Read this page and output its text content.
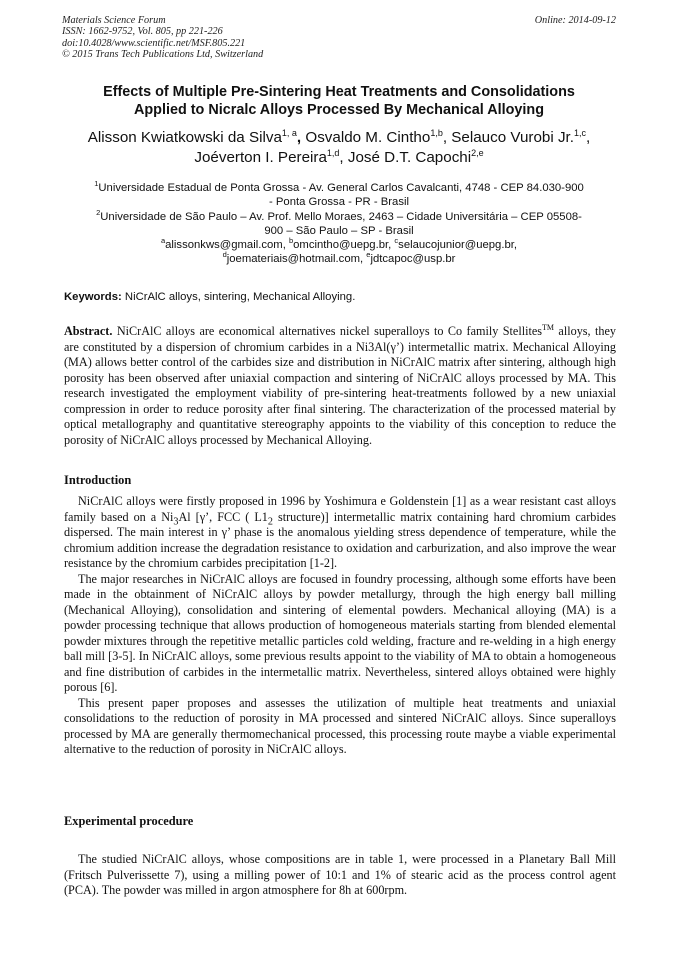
Materials Science Forum
ISSN: 1662-9752, Vol. 805, pp 221-226
doi:10.4028/www.scientific.net/MSF.805.221
© 2015 Trans Tech Publications Ltd, Switzerland
Online: 2014-09-12
Effects of Multiple Pre-Sintering Heat Treatments and Consolidations
Applied to Nicralc Alloys Processed By Mechanical Alloying
Alisson Kwiatkowski da Silva$^{1, a}$, Osvaldo M. Cintho$^{1,b}$, Selauco Vurobi Jr.$^{1,c}$,
Joéverton I. Pereira$^{1,d}$, José D.T. Capochi$^{2,e}$
$^1$Universidade Estadual de Ponta Grossa - Av. General Carlos Cavalcanti, 4748 - CEP 84.030-900
- Ponta Grossa - PR - Brasil
$^2$Universidade de São Paulo – Av. Prof. Mello Moraes, 2463 – Cidade Universitária – CEP 05508-
900 – São Paulo – SP - Brasil
$^a$alissonkws@gmail.com, $^b$omcintho@uepg.br, $^c$selaucojunior@uepg.br,
$^d$joemateriais@hotmail.com, $^e$jdtcapoc@usp.br
Keywords: NiCrAlC alloys, sintering, Mechanical Alloying.
Abstract. NiCrAlC alloys are economical alternatives nickel superalloys to Co family Stellites™ alloys, they are constituted by a dispersion of chromium carbides in a Ni3Al(γ’) intermetallic matrix. Mechanical Alloying (MA) allows better control of the carbides size and distribution in NiCrAlC matrix after sintering, although high porosity has been observed after uniaxial compaction and sintering of NiCrAlC alloys processed by MA. This research investigated the employment viability of pre-sintering heat-treatments followed by a new uniaxial compression in order to reduce porosity after final sintering. The characterization of the processed material by optical metallography and quantitative stereography appoints to the viability of this conception to reduce the porosity of NiCrAlC alloys processed by Mechanical Alloying.
Introduction

NiCrAlC alloys were firstly proposed in 1996 by Yoshimura e Goldenstein [1] as a wear resistant cast alloys family based on a $Ni_3Al$ [γ’, FCC ( $L1_2$ structure)] intermetallic matrix containing hard chromium carbides dispersed. The main interest in γ’ phase is the anomalous yielding stress dependence of temperature, while the chromium addition increase the degradation resistance to oxidation and carburization, and also improve the wear resistance by the chromium carbides precipitation [1-2].

The major researches in NiCrAlC alloys are focused in foundry processing, although some efforts have been made in the obtainment of NiCrAlC alloys by powder metallurgy, through the high energy ball milling (Mechanical Alloying), consolidation and sintering of elemental powders. Mechanical alloying (MA) is a powder processing technique that allows production of homogeneous materials starting from blended elemental powder mixtures through the repetitive metallic particles cold welding, fracture and re-welding in a high energy ball mill [3-5]. In NiCrAlC alloys, some previous results appoint to the viability of MA to obtain a homogeneous and fine distribution of carbides in the intermetallic matrix. Nevertheless, sintered alloys obtained were highly porous [6].

This present paper proposes and assesses the utilization of multiple heat treatments and uniaxial consolidations to the reduction of porosity in MA processed and sintered NiCrAlC alloys. Since superalloys processed by MA are generally thermomechanical processed, this processing route maybe a viable experimental alternative to the reduction of porosity in NiCrAlC alloys.

Experimental procedure

The studied NiCrAlC alloys, whose compositions are in table 1, were processed in a Planetary Ball Mill (Fritsch Pulverissette 7), using a milling power of 10:1 and 1% of stearic acid as the process control agent (PCA). The powder was milled in argon atmosphere for 8h at 600rpm.
